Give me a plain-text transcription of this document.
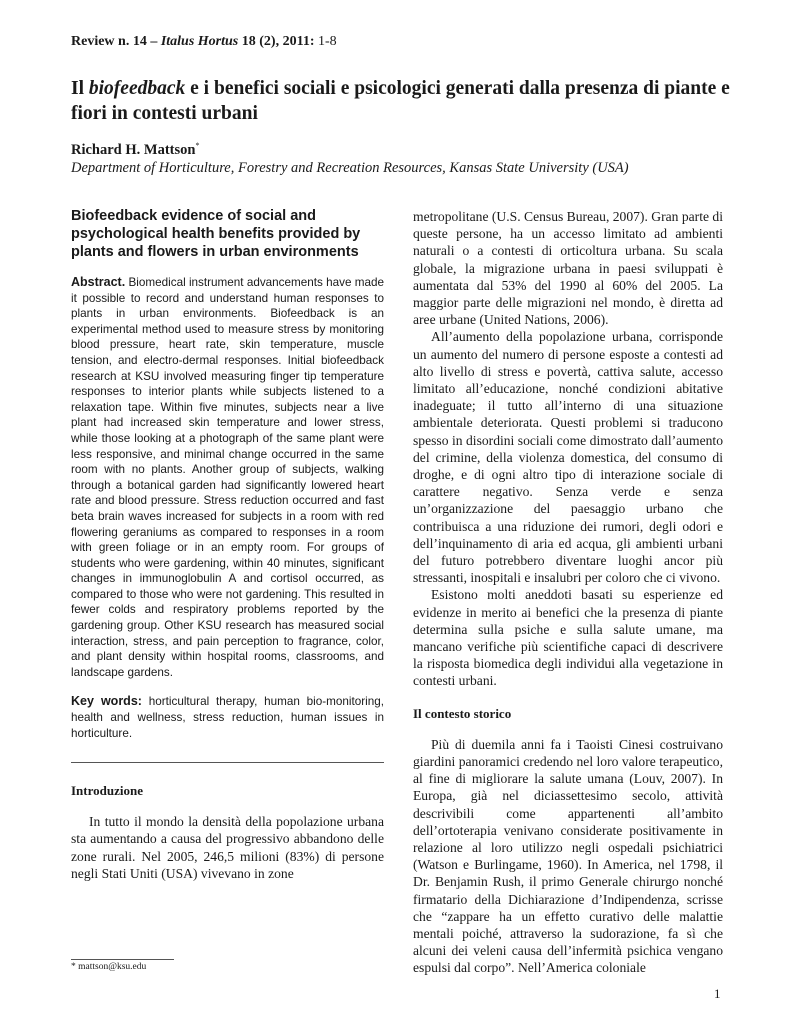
Review n. 14 – Italus Hortus 18 (2), 2011: 1-8
Il biofeedback e i benefici sociali e psicologici generati dalla presenza di piante e fiori in contesti urbani
Richard H. Mattson*
Department of Horticulture, Forestry and Recreation Resources, Kansas State University (USA)
Biofeedback evidence of social and psychological health benefits provided by plants and flowers in urban environments

Abstract. Biomedical instrument advancements have made it possible to record and understand human responses to plants in urban environments. Biofeedback is an experimental method used to measure stress by monitoring blood pressure, heart rate, skin temperature, muscle tension, and electro-dermal responses. Initial biofeedback research at KSU involved measuring finger tip temperature responses to interior plants while subjects listened to a relaxation tape. Within five minutes, subjects near a live plant had increased skin temperature and lower stress, while those looking at a photograph of the same plant were less responsive, and minimal change occurred in the same room with no plants. Another group of subjects, walking through a botanical garden had significantly lowered heart rate and blood pressure. Stress reduction occurred and fast beta brain waves increased for subjects in a room with red flowering geraniums as compared to responses in a room with green foliage or in an empty room. For groups of students who were gardening, within 40 minutes, significant changes in immunoglobulin A and cortisol occurred, as compared to those who were not gardening. This resulted in fewer colds and respiratory problems reported by the gardening group. Other KSU research has measured social interaction, stress, and pain perception to fragrance, color, and plant density within hospital rooms, classrooms, and landscape gardens.

Key words: horticultural therapy, human bio-monitoring, health and wellness, stress reduction, human issues in horticulture.

Introduzione

In tutto il mondo la densità della popolazione urbana sta aumentando a causa del progressivo abbandono delle zone rurali. Nel 2005, 246,5 milioni (83%) di persone negli Stati Uniti (USA) vivevano in zone

metropolitane (U.S. Census Bureau, 2007). Gran parte di queste persone, ha un accesso limitato ad ambienti naturali o a contesti di orticoltura urbana. Su scala globale, la migrazione urbana in paesi sviluppati è aumentata dal 53% del 1990 al 60% del 2005. La maggior parte delle migrazioni nel mondo, è diretta ad aree urbane (United Nations, 2006).

All’aumento della popolazione urbana, corrisponde un aumento del numero di persone esposte a contesti ad alto livello di stress e povertà, cattiva salute, accesso limitato all’educazione, nonché condizioni abitative inadeguate; il tutto all’interno di una situazione ambientale deteriorata. Questi problemi si traducono spesso in disordini sociali come dimostrato dall’aumento del crimine, della violenza domestica, del consumo di droghe, e di ogni altro tipo di interazione sociale di carattere negativo. Senza verde e senza un’organizzazione del paesaggio urbano che contribuisca a una riduzione dei rumori, degli odori e dell’inquinamento di aria ed acqua, gli ambienti urbani del futuro potrebbero diventare luoghi ancor più stressanti, inospitali e insalubri per coloro che ci vivono.

Esistono molti aneddoti basati su esperienze ed evidenze in merito ai benefici che la presenza di piante determina sulla psiche e sulla salute umane, ma mancano verifiche più scientifiche capaci di descrivere la risposta biomedica degli individui alla vegetazione in contesti urbani.

Il contesto storico

Più di duemila anni fa i Taoisti Cinesi costruivano giardini panoramici credendo nel loro valore terapeutico, al fine di migliorare la salute umana (Louv, 2007). In Europa, già nel diciassettesimo secolo, attività descrivibili come appartenenti all’ambito dell’ortoterapia venivano considerate positivamente in relazione al loro utilizzo negli ospedali psichiatrici (Watson e Burlingame, 1960). In America, nel 1798, il Dr. Benjamin Rush, il primo Generale chirurgo nonché firmatario della Dichiarazione d’Indipendenza, scrisse che “zappare ha un effetto curativo delle malattie mentali poiché, attraverso la sudorazione, fa sì che alcuni dei veleni causa dell’infermità psichica vengano espulsi dal corpo”. Nell’America coloniale

* mattson@ksu.edu
1
